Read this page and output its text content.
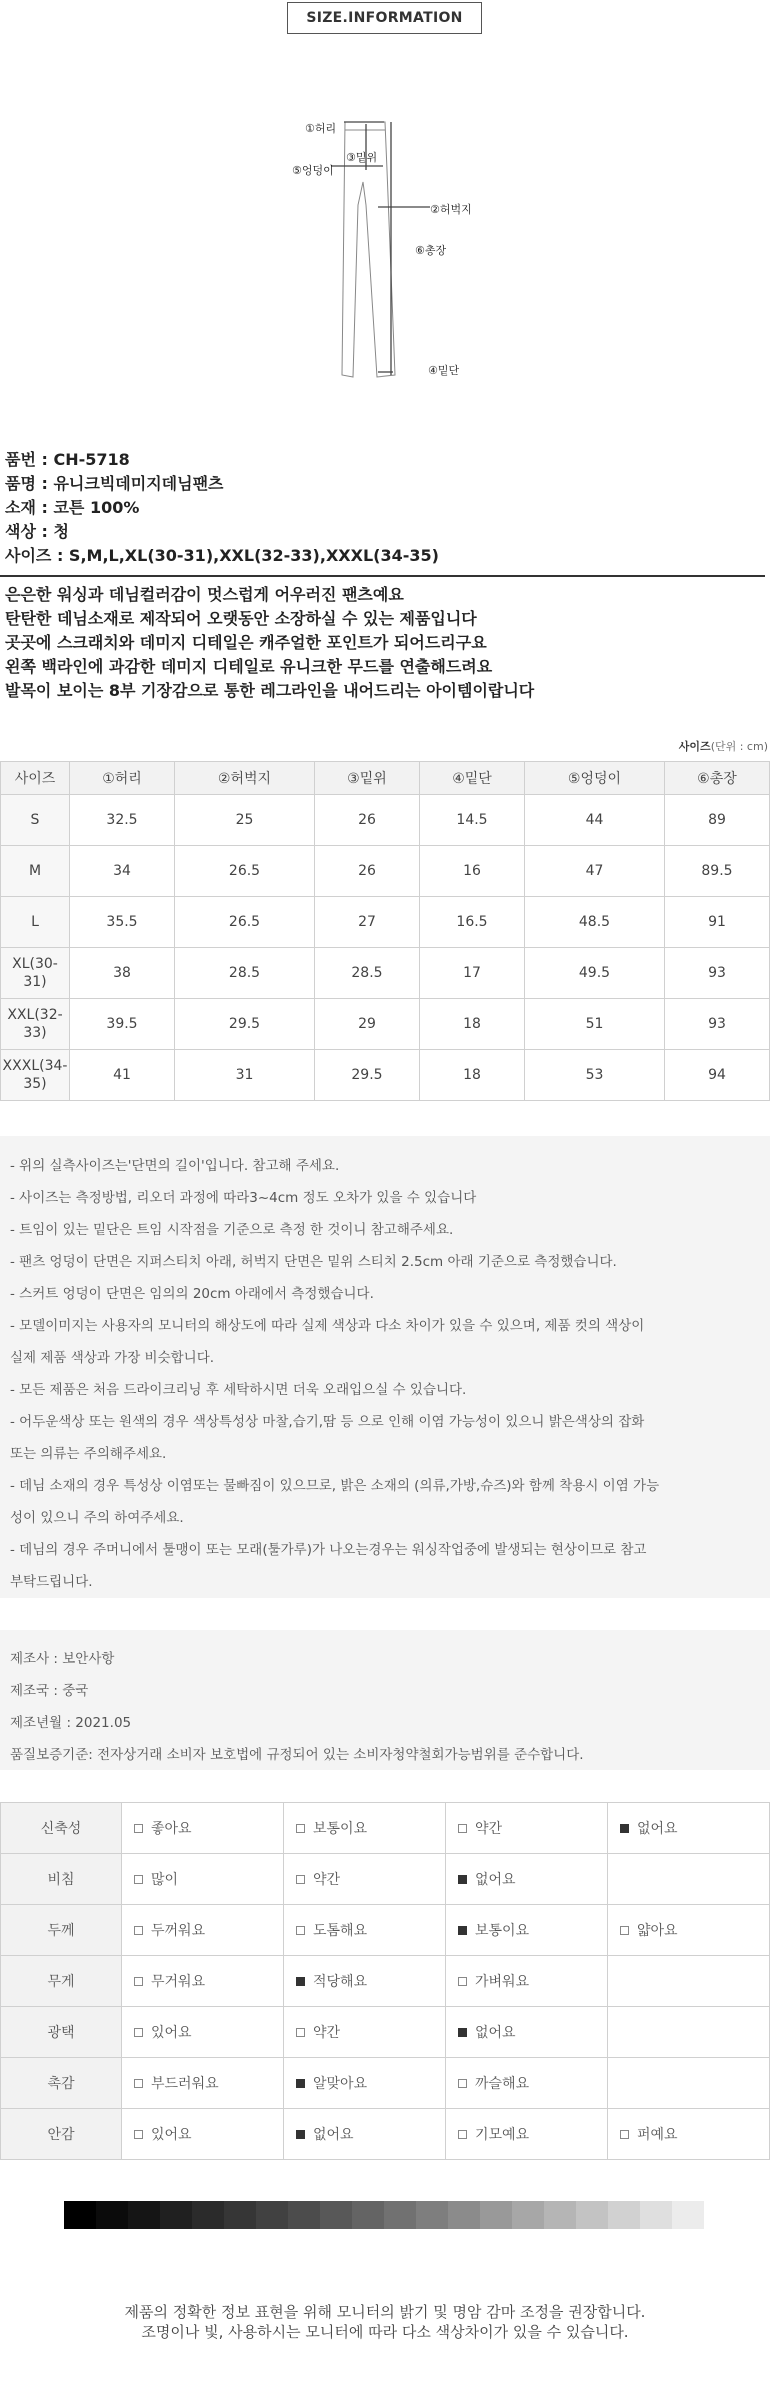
SIZE.INFORMATION
①허리
③밑위
⑤엉덩이
②허벅지
⑥총장
④밑단
품번 : CH-5718
품명 : 유니크빅데미지데님팬츠
소재 : 코튼 100%
색상 : 청
사이즈 : S,M,L,XL(30-31),XXL(32-33),XXXL(34-35)
은은한 워싱과 데님컬러감이 멋스럽게 어우러진 팬츠예요
탄탄한 데님소재로 제작되어 오랫동안 소장하실 수 있는 제품입니다
곳곳에 스크래치와 데미지 디테일은 캐주얼한 포인트가 되어드리구요
왼쪽 백라인에 과감한 데미지 디테일로 유니크한 무드를 연출해드려요
발목이 보이는 8부 기장감으로 통한 레그라인을 내어드리는 아이템이랍니다
사이즈(단위 : cm)
사이즈	①허리	②허벅지	③밑위	④밑단	⑤엉덩이	⑥총장
S	32.5	25	26	14.5	44	89
M	34	26.5	26	16	47	89.5
L	35.5	26.5	27	16.5	48.5	91
XL(30-31)	38	28.5	28.5	17	49.5	93
XXL(32-33)	39.5	29.5	29	18	51	93
XXXL(34-35)	41	31	29.5	18	53	94
- 위의 실측사이즈는'단면의 길이'입니다. 참고해 주세요.
- 사이즈는 측정방법, 리오더 과정에 따라3~4cm 정도 오차가 있을 수 있습니다
- 트임이 있는 밑단은 트임 시작점을 기준으로 측정 한 것이니 참고해주세요.
- 팬츠 엉덩이 단면은 지퍼스티치 아래, 허벅지 단면은 밑위 스티치 2.5cm 아래 기준으로 측정했습니다.
- 스커트 엉덩이 단면은 임의의 20cm 아래에서 측정했습니다.
- 모델이미지는 사용자의 모니터의 해상도에 따라 실제 색상과 다소 차이가 있을 수 있으며, 제품 컷의 색상이
실제 제품 색상과 가장 비슷합니다.
- 모든 제품은 처음 드라이크리닝 후 세탁하시면 더욱 오래입으실 수 있습니다.
- 어두운색상 또는 원색의 경우 색상특성상 마찰,습기,땀 등 으로 인해 이염 가능성이 있으니 밝은색상의 잡화
또는 의류는 주의해주세요.
- 데님 소재의 경우 특성상 이염또는 물빠짐이 있으므로, 밝은 소재의 (의류,가방,슈즈)와 함께 착용시 이염 가능
성이 있으니 주의 하여주세요.
- 데님의 경우 주머니에서 툴맹이 또는 모래(툴가루)가 나오는경우는 워싱작업중에 발생되는 현상이므로 참고
부탁드립니다.
제조사 : 보안사항
제조국 : 중국
제조년월 : 2021.05
품질보증기준: 전자상거래 소비자 보호법에 규정되어 있는 소비자청약철회가능범위를 준수합니다.
신축성	좋아요	보통이요	약간	없어요
비침	많이	약간	없어요	
두께	두꺼워요	도톰해요	보통이요	얇아요
무게	무거워요	적당해요	가벼워요	
광택	있어요	약간	없어요	
촉감	부드러워요	알맞아요	까슬해요	
안감	있어요	없어요	기모예요	퍼예요
제품의 정확한 정보 표현을 위해 모니터의 밝기 및 명암 감마 조정을 권장합니다.
조명이나 빛, 사용하시는 모니터에 따라 다소 색상차이가 있을 수 있습니다.
